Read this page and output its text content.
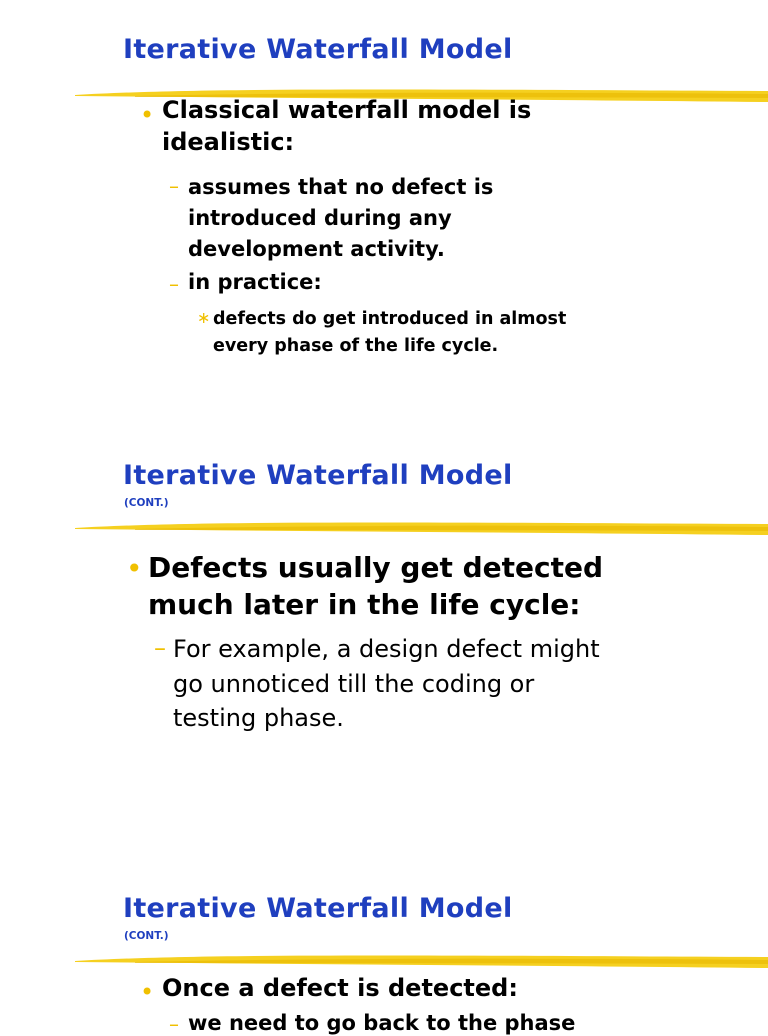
Iterative Waterfall Model
• Classical waterfall model is
idealistic:
– assumes that no defect is
introduced during any
development activity.
– in practice:
∗ defects do get introduced in almost
every phase of the life cycle.
Iterative Waterfall Model
(CONT.)
• Defects usually get detected
much later in the life cycle:
– For example, a design defect might
go unnoticed till the coding or
testing phase.
Iterative Waterfall Model
(CONT.)
• Once a defect is detected:
– we need to go back to the phase
